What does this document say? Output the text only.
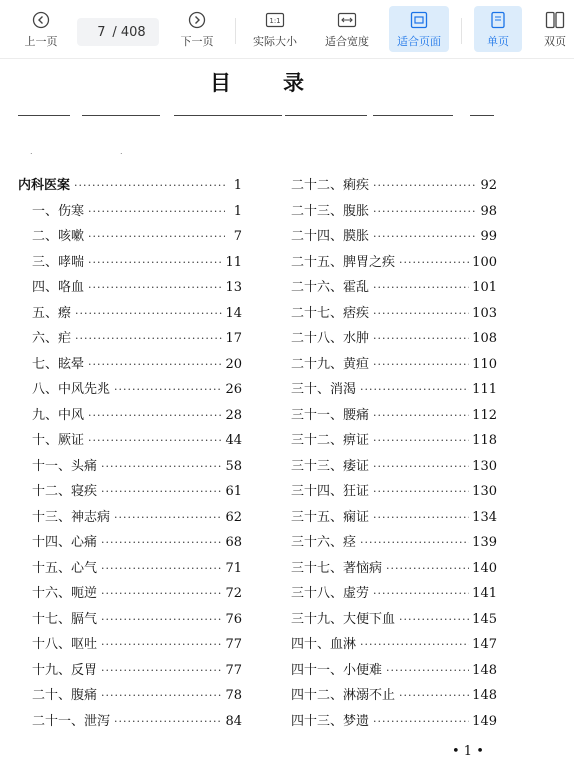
上一页
7
/ 408
下一页
1:1
实际大小	适合宽度	适合页面	单页	双页
目录
.	.
内科医案 ·····	1
一、伤寒 ·····	1
二、咳嗽 ·····	7
三、哮喘 ·····	11
四、咯血 ·····	13
五、瘵 ·····	14
六、疟 ·····	17
七、眩晕 ·····	20
八、中风先兆 ·····	26
九、中风 ·····	28
十、厥证 ·····	44
十一、头痛 ·····	58
十二、寝疾 ·····	61
十三、神志病 ·····	62
十四、心痛 ·····	68
十五、心气 ·····	71
十六、呃逆 ·····	72
十七、膈气 ·····	76
十八、呕吐 ·····	77
十九、反胃 ·····	77
二十、腹痛 ·····	78
二十一、泄泻 ·····	84
二十二、痢疾 ·····	92
二十三、腹胀 ·····	98
二十四、膜胀 ·····	99
二十五、脾胃之疾 ·····	100
二十六、霍乱 ·····	101
二十七、痞疾 ·····	103
二十八、水肿 ·····	108
二十九、黄疸 ·····	110
三十、消渴 ·····	111
三十一、腰痛 ·····	112
三十二、痹证 ·····	118
三十三、痿证 ·····	130
三十四、狂证 ·····	130
三十五、痫证 ·····	134
三十六、痉 ·····	139
三十七、著恼病 ·····	140
三十八、虚劳 ·····	141
三十九、大便下血 ·····	145
四十、血淋 ·····	147
四十一、小便难 ·····	148
四十二、淋溺不止 ·····	148
四十三、梦遗 ·····	149
• 1 •
